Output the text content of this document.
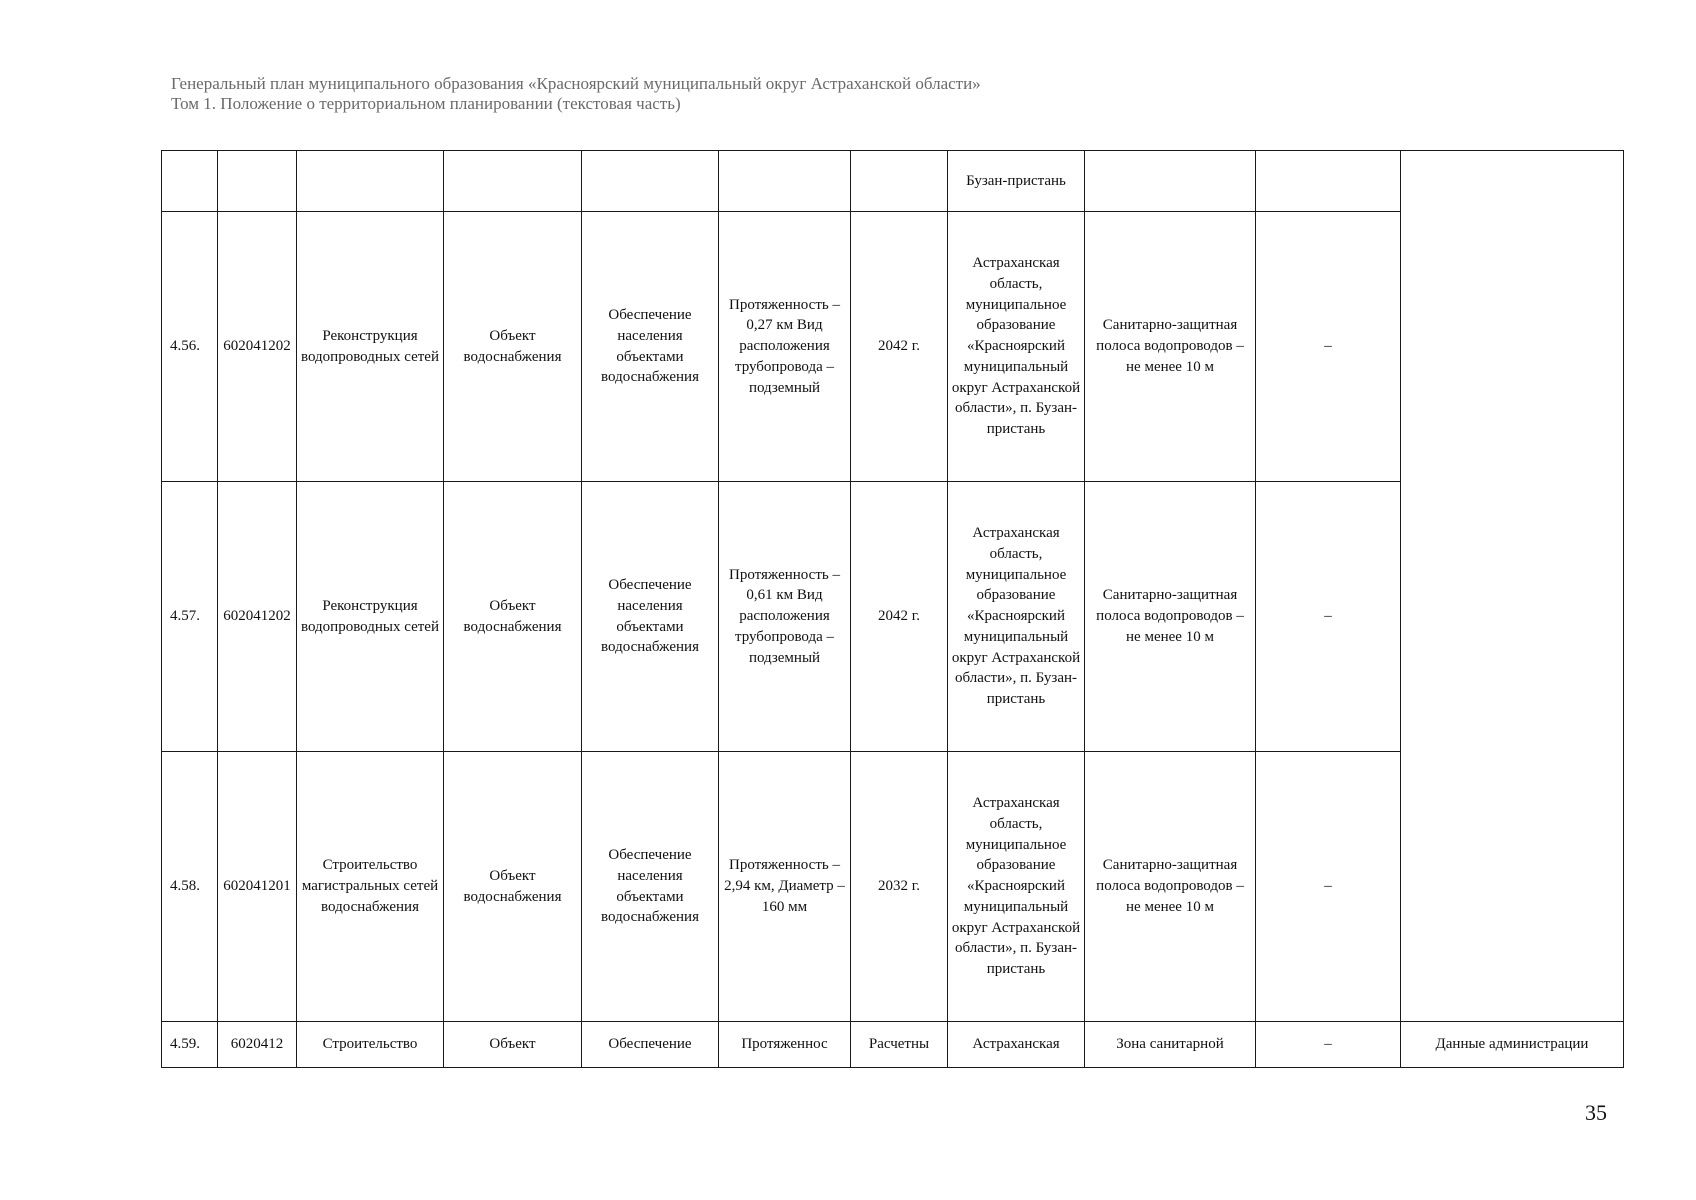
Генеральный план муниципального образования «Красноярский муниципальный округ Астраханской области»
Том 1. Положение о территориальном планировании (текстовая часть)
							Бузан-пристань			
4.56.	602041202	Реконструкция водопроводных сетей	Объект водоснабжения	Обеспечение населения объектами водоснабжения	Протяженность – 0,27 км Вид расположения трубопровода – подземный	2042 г.	Астраханская область, муниципальное образование «Красноярский муниципальный округ Астраханской области», п. Бузан-пристань	Санитарно-защитная полоса водопроводов – не менее 10 м	–	
4.57.	602041202	Реконструкция водопроводных сетей	Объект водоснабжения	Обеспечение населения объектами водоснабжения	Протяженность – 0,61 км Вид расположения трубопровода – подземный	2042 г.	Астраханская область, муниципальное образование «Красноярский муниципальный округ Астраханской области», п. Бузан-пристань	Санитарно-защитная полоса водопроводов – не менее 10 м	–	
4.58.	602041201	Строительство магистральных сетей водоснабжения	Объект водоснабжения	Обеспечение населения объектами водоснабжения	Протяженность – 2,94 км, Диаметр – 160 мм	2032 г.	Астраханская область, муниципальное образование «Красноярский муниципальный округ Астраханской области», п. Бузан-пристань	Санитарно-защитная полоса водопроводов – не менее 10 м	–	
4.59.	6020412	Строительство	Объект	Обеспечение	Протяженнос	Расчетны	Астраханская	Зона санитарной	–	Данные администрации
35
